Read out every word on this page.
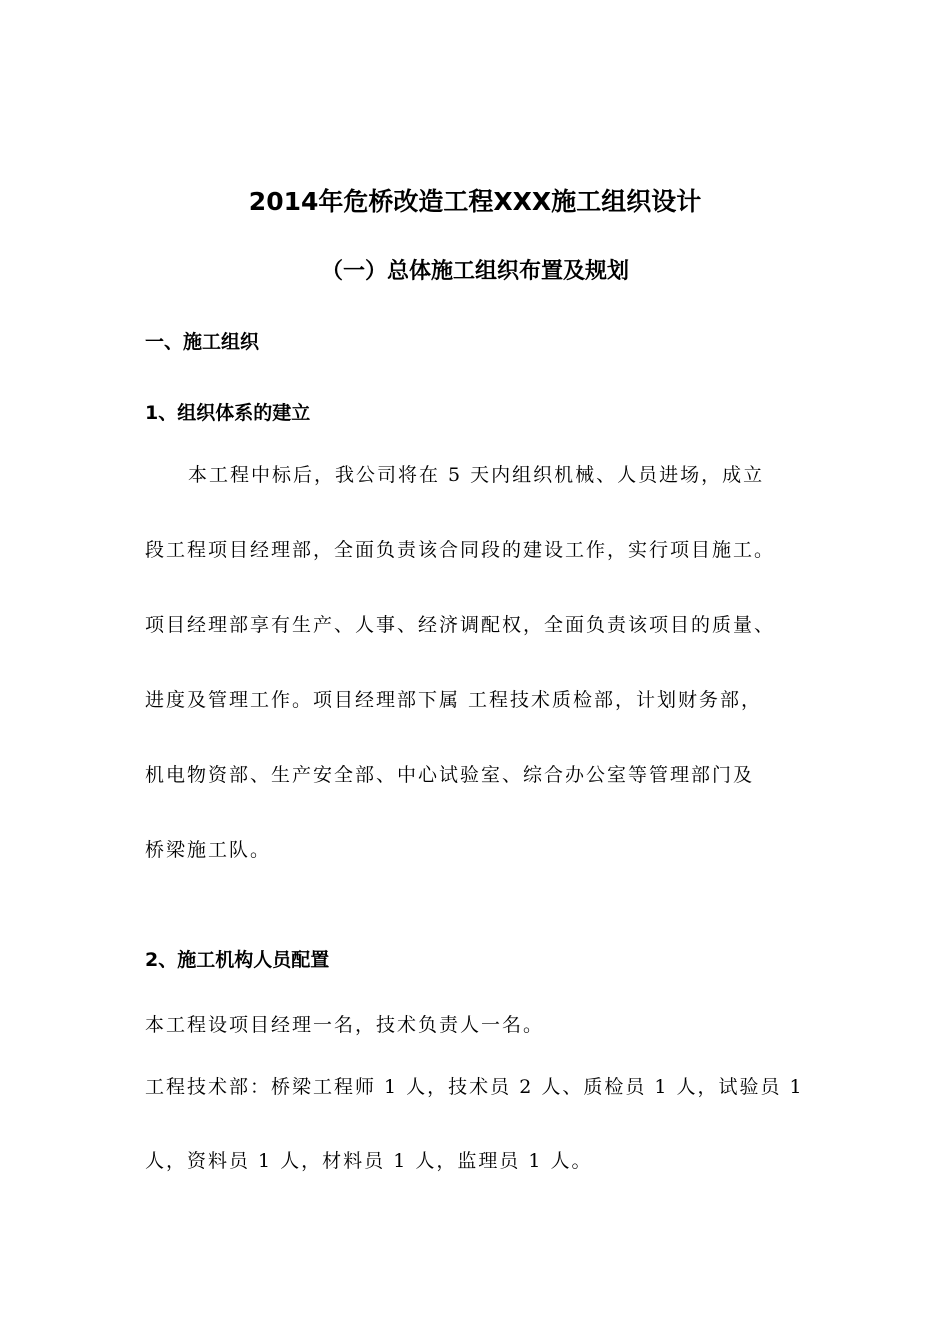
2014年危桥改造工程XXX施工组织设计
（一）总体施工组织布置及规划
一、施工组织
1、组织体系的建立
本工程中标后，我公司将在 5 天内组织机械、人员进场，成立
段工程项目经理部，全面负责该合同段的建设工作，实行项目施工。
项目经理部享有生产、人事、经济调配权，全面负责该项目的质量、
进度及管理工作。项目经理部下属 工程技术质检部，计划财务部，
机电物资部、生产安全部、中心试验室、综合办公室等管理部门及
桥梁施工队。
2、施工机构人员配置
本工程设项目经理一名，技术负责人一名。
工程技术部：桥梁工程师 1 人，技术员 2 人、质检员 1 人，试验员 1
人，资料员 1 人，材料员 1 人，监理员 1 人。
